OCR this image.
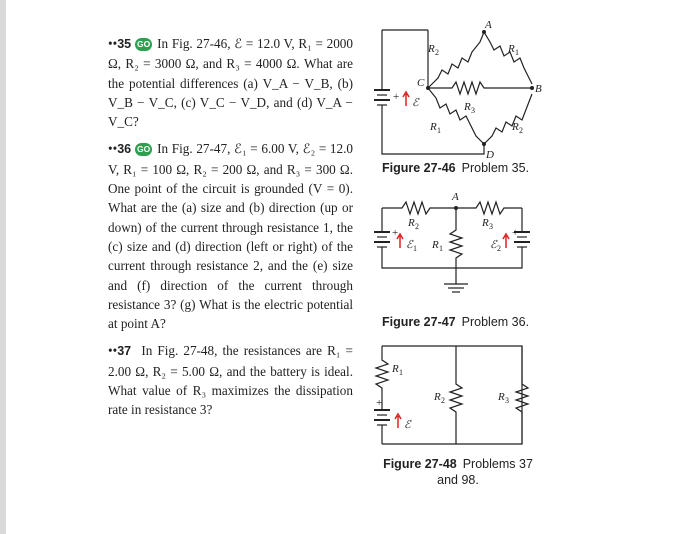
••35 GO In Fig. 27-46, ℰ = 12.0 V, R₁ = 2000 Ω, R₂ = 3000 Ω, and R₃ = 4000 Ω. What are the potential differences (a) V_A − V_B, (b) V_B − V_C, (c) V_C − V_D, and (d) V_A − V_C?

••36 GO In Fig. 27-47, ℰ₁ = 6.00 V, ℰ₂ = 12.0 V, R₁ = 100 Ω, R₂ = 200 Ω, and R₃ = 300 Ω. One point of the circuit is grounded (V = 0). What are the (a) size and (b) direction (up or down) of the current through resistance 1, the (c) size and (d) direction (left or right) of the current through resistance 2, and the (e) size and (f) direction of the current through resistance 3? (g) What is the electric potential at point A?

••37 In Fig. 27-48, the resistances are R₁ = 2.00 Ω, R₂ = 5.00 Ω, and the battery is ideal. What value of R₃ maximizes the dissipation rate in resistance 3?

A
B
C
D
R 2	R 1
R 3
R 1	R 2
+ ℰ
Figure 27-46 Problem 35.
A
R 2	R 3
R 1
+
ℰ 1	ℰ 2
+
Figure 27-47 Problem 36.
R 1
R 2	R 3
+
ℰ
Figure 27-48 Problems 37 and 98.
